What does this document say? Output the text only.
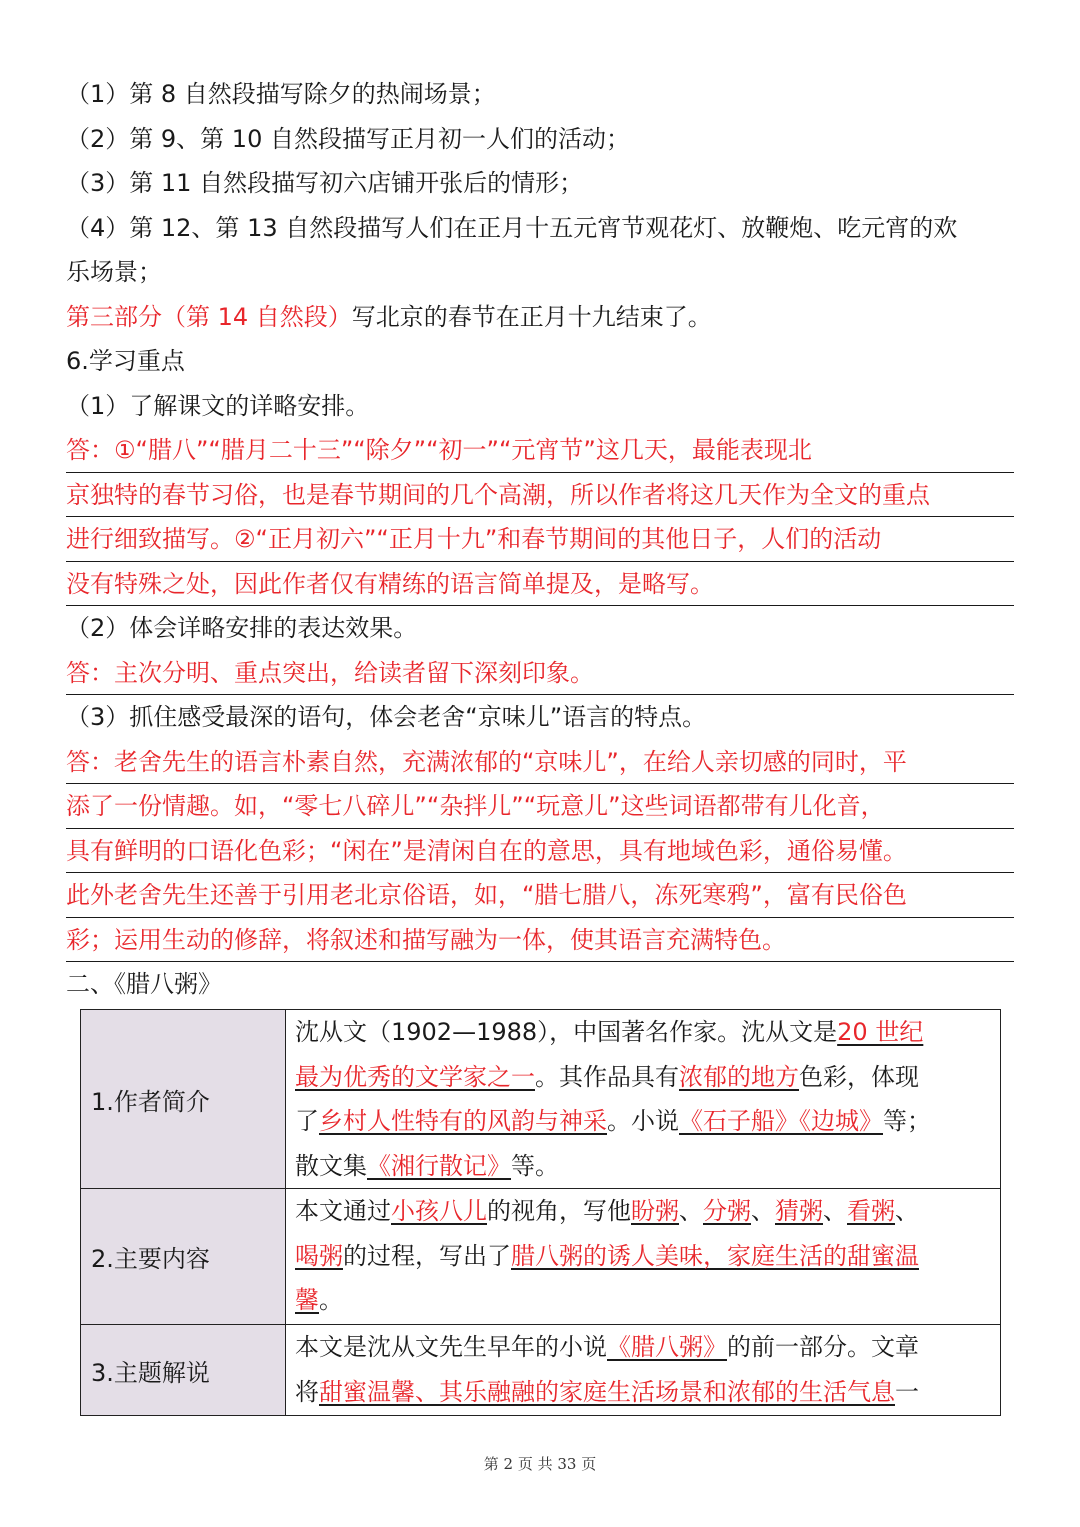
（1）第 8 自然段描写除夕的热闹场景；
（2）第 9、第 10 自然段描写正月初一人们的活动；
（3）第 11 自然段描写初六店铺开张后的情形；
（4）第 12、第 13 自然段描写人们在正月十五元宵节观花灯、放鞭炮、吃元宵的欢
乐场景；
第三部分（第 14 自然段）写北京的春节在正月十九结束了。
6.学习重点
（1）了解课文的详略安排。
答：①“腊八”“腊月二十三”“除夕”“初一”“元宵节”这几天，最能表现北
京独特的春节习俗，也是春节期间的几个高潮，所以作者将这几天作为全文的重点
进行细致描写。②“正月初六”“正月十九”和春节期间的其他日子，人们的活动
没有特殊之处，因此作者仅有精练的语言简单提及，是略写。
（2）体会详略安排的表达效果。
答：主次分明、重点突出，给读者留下深刻印象。
（3）抓住感受最深的语句，体会老舍“京味儿”语言的特点。
答：老舍先生的语言朴素自然，充满浓郁的“京味儿”，在给人亲切感的同时，平
添了一份情趣。如，“零七八碎儿”“杂拌儿”“玩意儿”这些词语都带有儿化音，
具有鲜明的口语化色彩；“闲在”是清闲自在的意思，具有地域色彩，通俗易懂。
此外老舍先生还善于引用老北京俗语，如，“腊七腊八，冻死寒鸦”，富有民俗色
彩；运用生动的修辞，将叙述和描写融为一体，使其语言充满特色。
二、《腊八粥》
1.作者简介	沈从文（1902—1988），中国著名作家。沈从文是20 世纪
最为优秀的文学家之一。其作品具有浓郁的地方色彩，体现
了乡村人性特有的风韵与神采。小说《石子船》《边城》等；
散文集《湘行散记》等。

2.主要内容	本文通过小孩八儿的视角，写他盼粥、分粥、猜粥、看粥、
喝粥的过程，写出了腊八粥的诱人美味，家庭生活的甜蜜温
馨。

3.主题解说	本文是沈从文先生早年的小说《腊八粥》的前一部分。文章
将甜蜜温馨、其乐融融的家庭生活场景和浓郁的生活气息一
第 2 页 共 33 页
